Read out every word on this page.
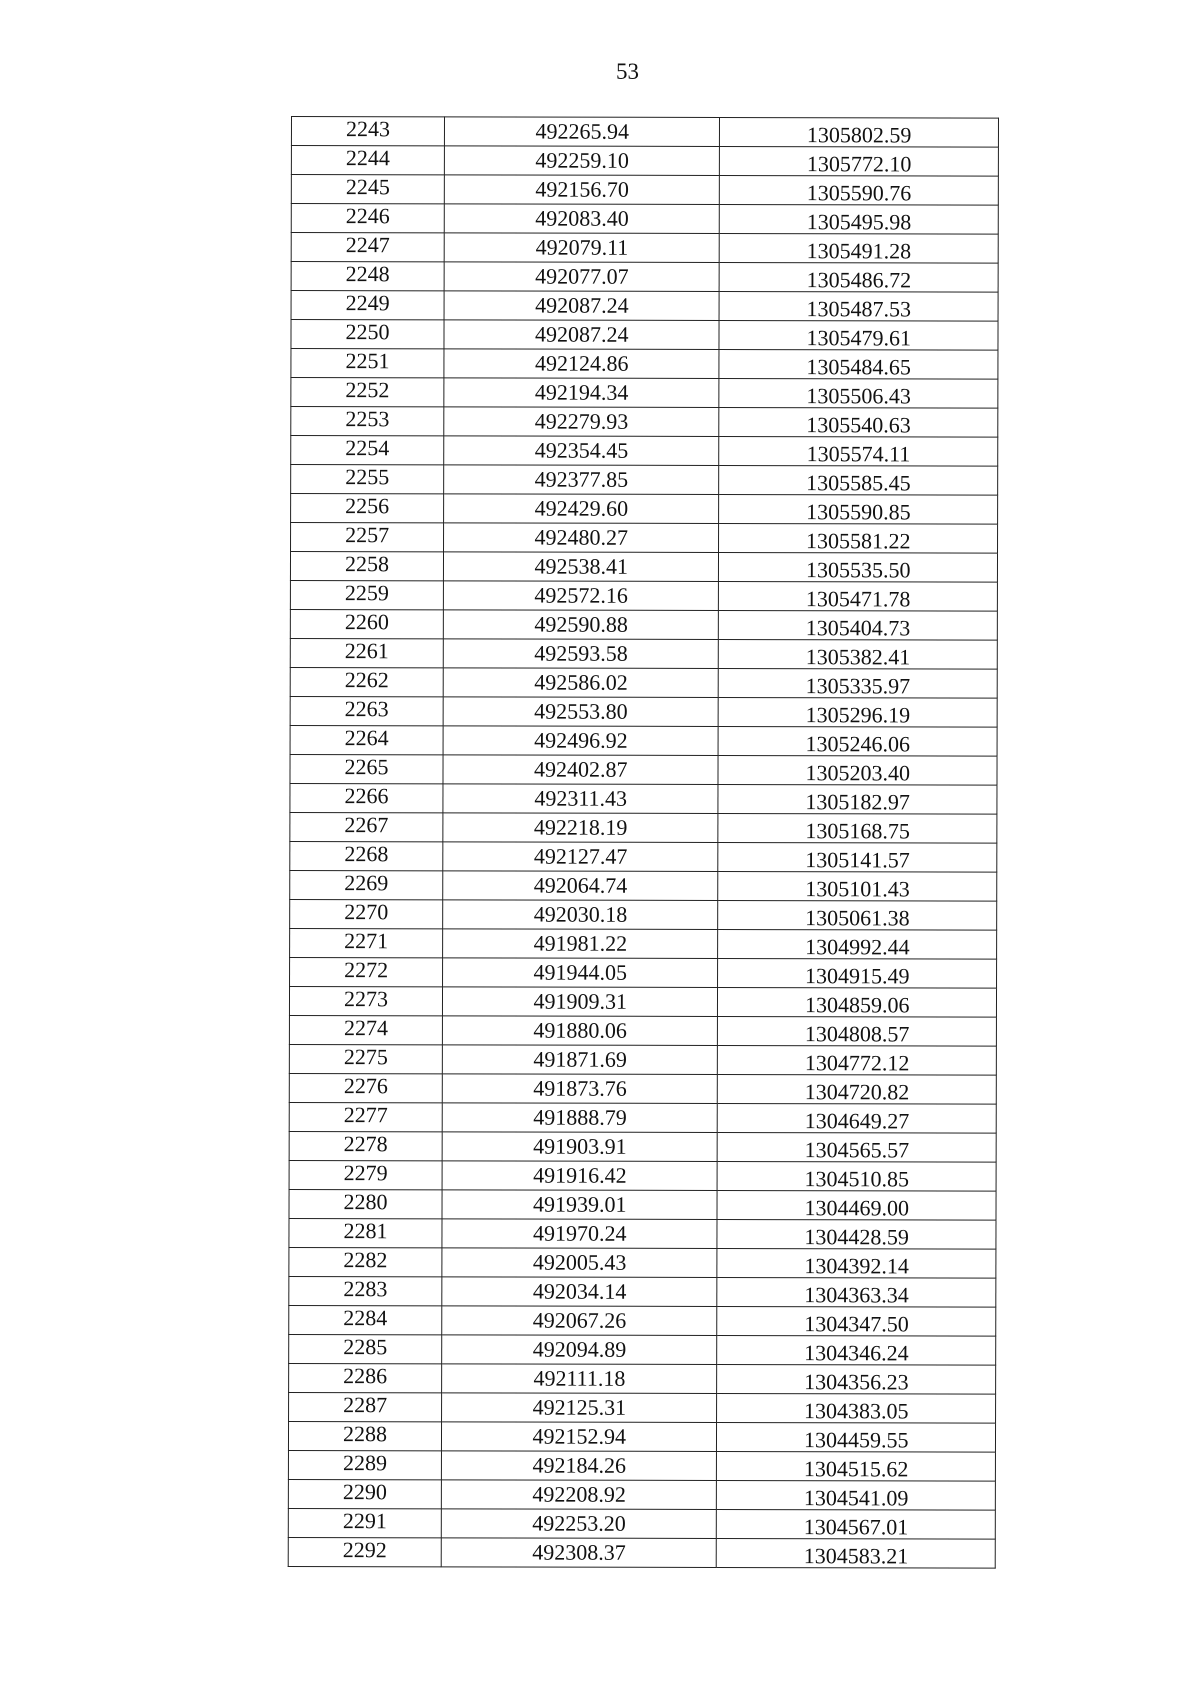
53
2243	492265.94	1305802.59
2244	492259.10	1305772.10
2245	492156.70	1305590.76
2246	492083.40	1305495.98
2247	492079.11	1305491.28
2248	492077.07	1305486.72
2249	492087.24	1305487.53
2250	492087.24	1305479.61
2251	492124.86	1305484.65
2252	492194.34	1305506.43
2253	492279.93	1305540.63
2254	492354.45	1305574.11
2255	492377.85	1305585.45
2256	492429.60	1305590.85
2257	492480.27	1305581.22
2258	492538.41	1305535.50
2259	492572.16	1305471.78
2260	492590.88	1305404.73
2261	492593.58	1305382.41
2262	492586.02	1305335.97
2263	492553.80	1305296.19
2264	492496.92	1305246.06
2265	492402.87	1305203.40
2266	492311.43	1305182.97
2267	492218.19	1305168.75
2268	492127.47	1305141.57
2269	492064.74	1305101.43
2270	492030.18	1305061.38
2271	491981.22	1304992.44
2272	491944.05	1304915.49
2273	491909.31	1304859.06
2274	491880.06	1304808.57
2275	491871.69	1304772.12
2276	491873.76	1304720.82
2277	491888.79	1304649.27
2278	491903.91	1304565.57
2279	491916.42	1304510.85
2280	491939.01	1304469.00
2281	491970.24	1304428.59
2282	492005.43	1304392.14
2283	492034.14	1304363.34
2284	492067.26	1304347.50
2285	492094.89	1304346.24
2286	492111.18	1304356.23
2287	492125.31	1304383.05
2288	492152.94	1304459.55
2289	492184.26	1304515.62
2290	492208.92	1304541.09
2291	492253.20	1304567.01
2292	492308.37	1304583.21
